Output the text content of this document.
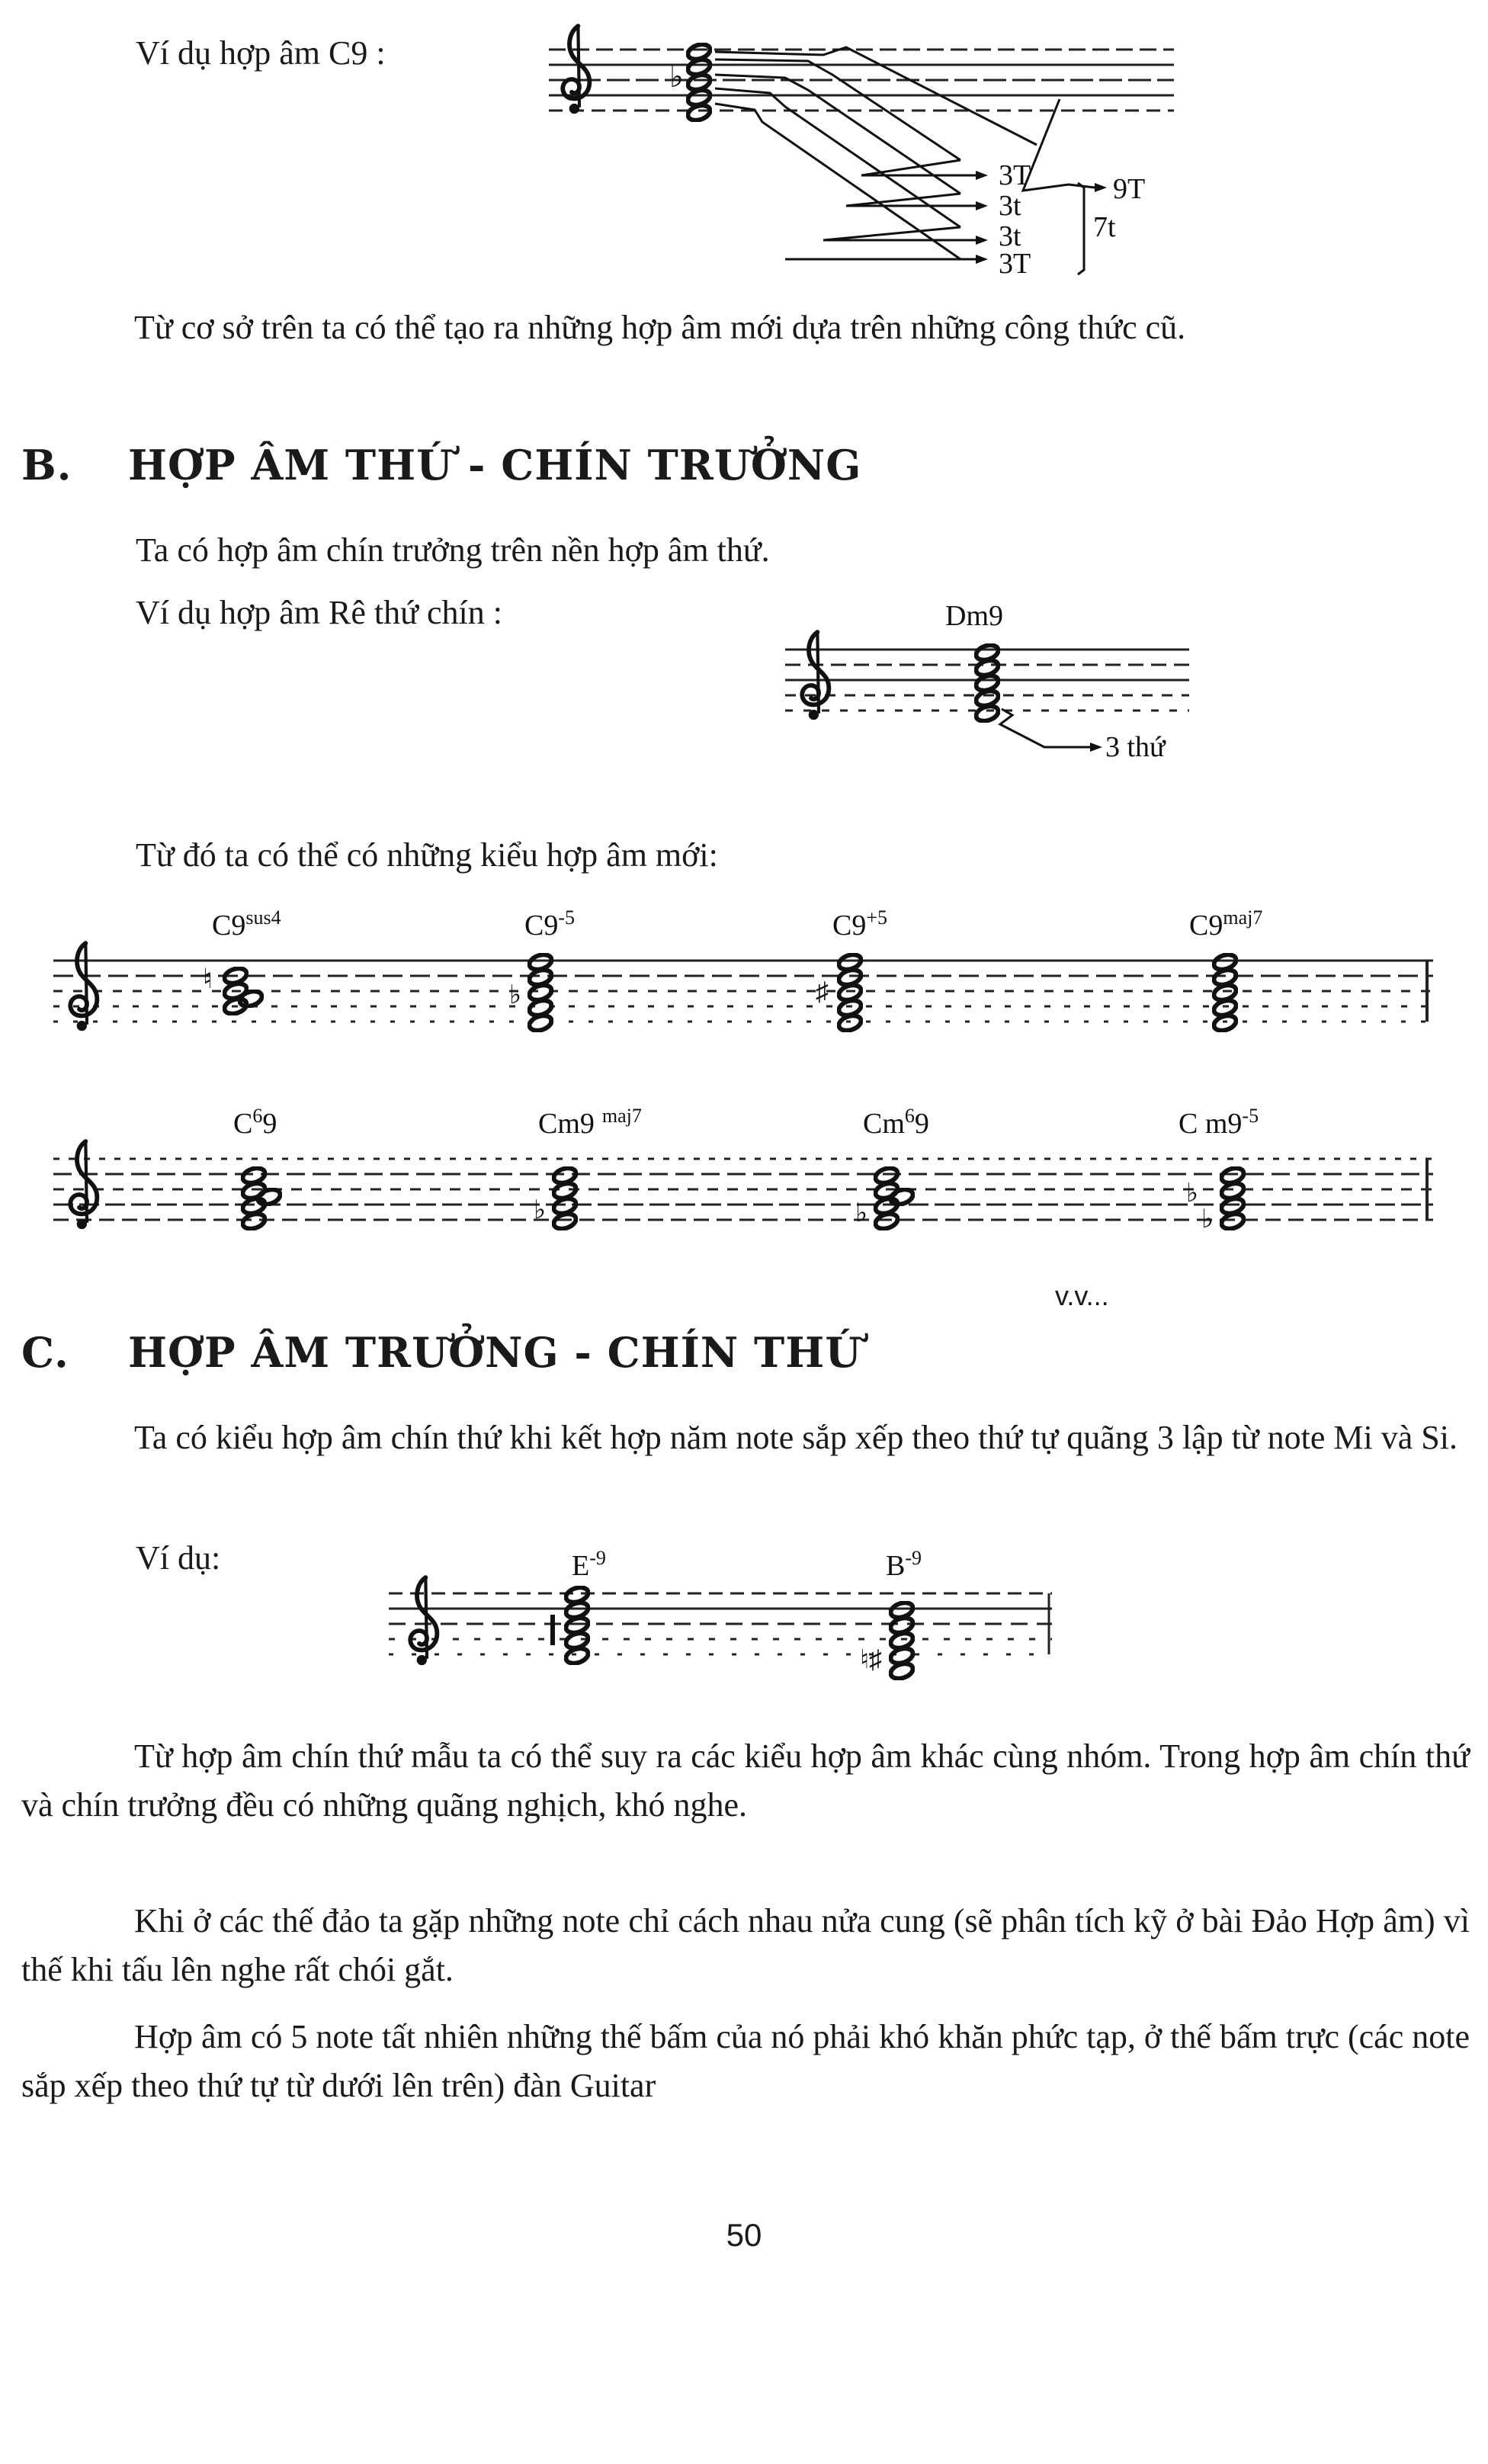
Ví dụ hợp âm C9 :
♭
3T
3t
3t
3T
7t
9T
Từ cơ sở trên ta có thể tạo ra những hợp âm mới dựa trên những công thức cũ.
B. HỢP ÂM THỨ - CHÍN TRƯỞNG
Ta có hợp âm chín trưởng trên nền hợp âm thứ.
Ví dụ hợp âm Rê thứ chín :	Dm9
3 thứ
Từ đó ta có thể có những kiểu hợp âm mới:
$C9^{sus4}$
♮
$C9^{-5}$
♭
$C9^{+5}$
♯
$C9^{maj7}$
$C^69$	Cm9 $^{maj7}$
♭
Cm$^6$9
♭
C $m9^{-5}$
♭
♭
v.v...
C. HỢP ÂM TRƯỞNG - CHÍN THỨ
Ta có kiểu hợp âm chín thứ khi kết hợp năm note sắp xếp theo thứ tự quãng 3 lập từ note Mi và Si.
Ví dụ:	$E^{-9}$	$B^{-9}$
♮♯
Từ hợp âm chín thứ mẫu ta có thể suy ra các kiểu hợp âm khác cùng nhóm. Trong hợp âm chín thứ và chín trưởng đều có những quãng nghịch, khó nghe.
Khi ở các thế đảo ta gặp những note chỉ cách nhau nửa cung (sẽ phân tích kỹ ở bài Đảo Hợp âm) vì thế khi tấu lên nghe rất chói gắt.
Hợp âm có 5 note tất nhiên những thế bấm của nó phải khó khăn phức tạp, ở thế bấm trực (các note sắp xếp theo thứ tự từ dưới lên trên) đàn Guitar
50
